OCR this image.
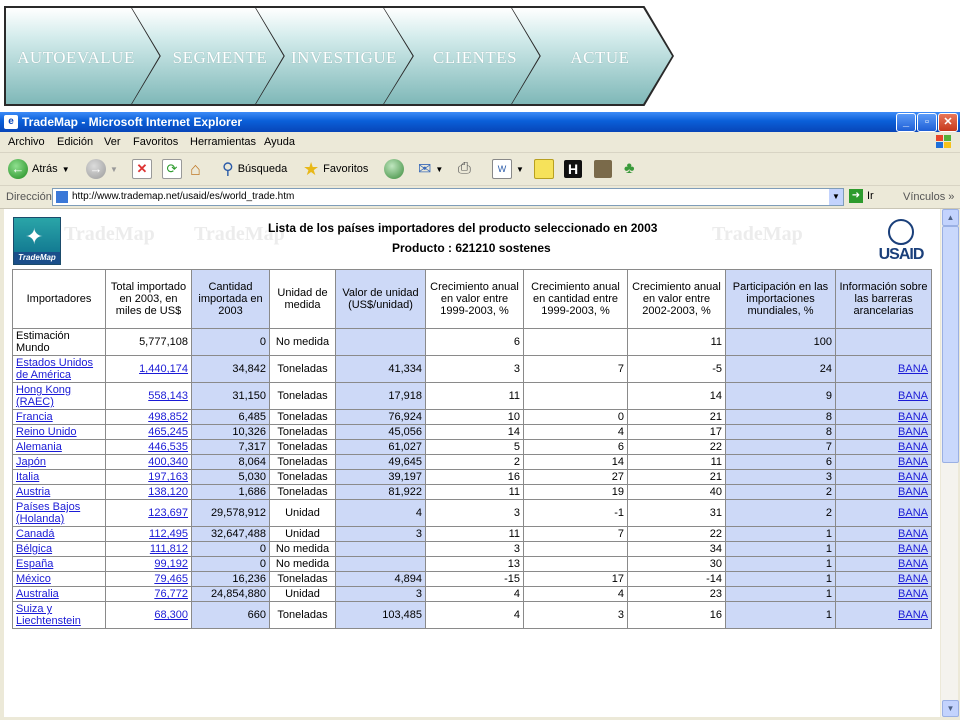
AUTOEVALUE	SEGMENTE	INVESTIGUE	CLIENTES	ACTUE
e TradeMap - Microsoft Internet Explorer	_	▫	✕
Archivo Edición Ver Favoritos Herramientas Ayuda
← Atrás ▼ → ▼	✕	⟳ ⌂ ⚲ Búsqueda ★ Favoritos	✉ ▼ ⎙	W	▼	H	♣
Dirección	http://www.trademap.net/usaid/es/world_trade.htm	▼	➜ Ir	Vínculos »
TradeMap TradeMap	TradeMap
✦
TradeMap
Lista de los países importadores del producto seleccionado en 2003
Producto : 621210 sostenes	USAID
Importadores	Total importado en 2003, en miles de US$	Cantidad importada en 2003	Unidad de medida	Valor de unidad (US$/unidad)	Crecimiento anual en valor entre 1999-2003, %	Crecimiento anual en cantidad entre 1999-2003, %	Crecimiento anual en valor entre 2002-2003, %	Participación en las importaciones mundiales, %	Información sobre las barreras arancelarias
Estimación Mundo	5,777,108	0	No medida		6		11	100	
Estados Unidos de América	1,440,174	34,842	Toneladas	41,334	3	7	-5	24	BANA
Hong Kong (RAEC)	558,143	31,150	Toneladas	17,918	11		14	9	BANA
Francia	498,852	6,485	Toneladas	76,924	10	0	21	8	BANA
Reino Unido	465,245	10,326	Toneladas	45,056	14	4	17	8	BANA
Alemania	446,535	7,317	Toneladas	61,027	5	6	22	7	BANA
Japón	400,340	8,064	Toneladas	49,645	2	14	11	6	BANA
Italia	197,163	5,030	Toneladas	39,197	16	27	21	3	BANA
Austria	138,120	1,686	Toneladas	81,922	11	19	40	2	BANA
Países Bajos (Holanda)	123,697	29,578,912	Unidad	4	3	-1	31	2	BANA
Canadá	112,495	32,647,488	Unidad	3	11	7	22	1	BANA
Bélgica	111,812	0	No medida		3		34	1	BANA
España	99,192	0	No medida		13		30	1	BANA
México	79,465	16,236	Toneladas	4,894	-15	17	-14	1	BANA
Australia	76,772	24,854,880	Unidad	3	4	4	23	1	BANA
Suiza y Liechtenstein	68,300	660	Toneladas	103,485	4	3	16	1	BANA
▲
▼
